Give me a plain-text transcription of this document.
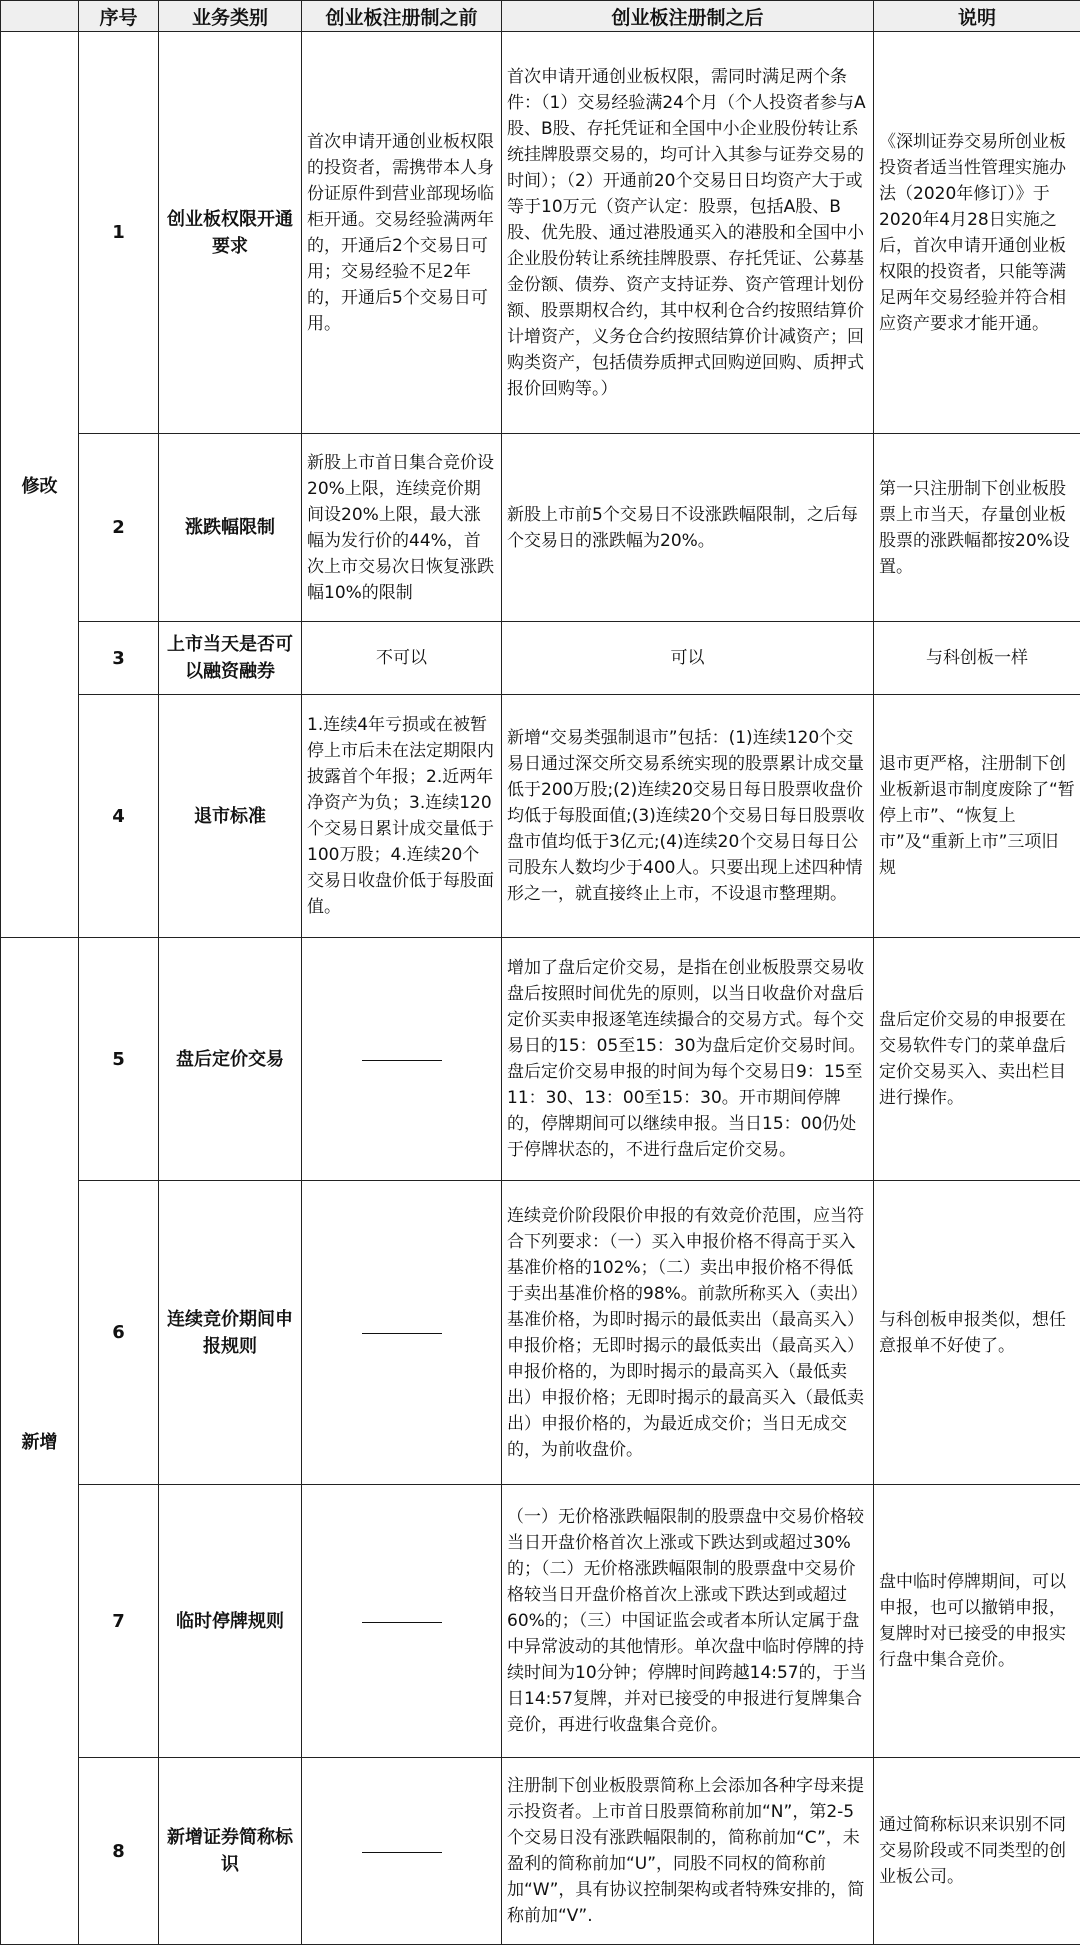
	序号	业务类别	创业板注册制之前	创业板注册制之后	说明
修改	1	创业板权限开通要求	首次申请开通创业板权限的投资者，需携带本人身份证原件到营业部现场临柜开通。交易经验满两年的，开通后2个交易日可用；交易经验不足2年的，开通后5个交易日可用。	首次申请开通创业板权限，需同时满足两个条件：（1）交易经验满24个月（个人投资者参与A股、B股、存托凭证和全国中小企业股份转让系统挂牌股票交易的，均可计入其参与证券交易的时间）；（2）开通前20个交易日日均资产大于或等于10万元（资产认定：股票，包括A股、B股、优先股、通过港股通买入的港股和全国中小企业股份转让系统挂牌股票、存托凭证、公募基金份额、债券、资产支持证券、资产管理计划份额、股票期权合约，其中权利仓合约按照结算价计增资产，义务仓合约按照结算价计减资产；回购类资产，包括债券质押式回购逆回购、质押式报价回购等。）	《深圳证券交易所创业板投资者适当性管理实施办法（2020年修订）》于2020年4月28日实施之后，首次申请开通创业板权限的投资者，只能等满足两年交易经验并符合相应资产要求才能开通。
	2	涨跌幅限制	新股上市首日集合竞价设20%上限，连续竞价期间设20%上限，最大涨幅为发行价的44%，首次上市交易次日恢复涨跌幅10%的限制	新股上市前5个交易日不设涨跌幅限制，之后每个交易日的涨跌幅为20%。	第一只注册制下创业板股票上市当天，存量创业板股票的涨跌幅都按20%设置。
	3	上市当天是否可以融资融券	不可以	可以	与科创板一样
	4	退市标准	1.连续4年亏损或在被暂停上市后未在法定期限内披露首个年报；2.近两年净资产为负；3.连续120个交易日累计成交量低于100万股；4.连续20个交易日收盘价低于每股面值。	新增“交易类强制退市”包括：(1)连续120个交易日通过深交所交易系统实现的股票累计成交量低于200万股;(2)连续20交易日每日股票收盘价均低于每股面值;(3)连续20个交易日每日股票收盘市值均低于3亿元;(4)连续20个交易日每日公司股东人数均少于400人。只要出现上述四种情形之一，就直接终止上市，不设退市整理期。	退市更严格，注册制下创业板新退市制度废除了“暂停上市”、“恢复上市”及“重新上市”三项旧规
新增	5	盘后定价交易		增加了盘后定价交易，是指在创业板股票交易收盘后按照时间优先的原则，以当日收盘价对盘后定价买卖申报逐笔连续撮合的交易方式。每个交易日的15：05至15：30为盘后定价交易时间。盘后定价交易申报的时间为每个交易日9：15至11：30、13：00至15：30。开市期间停牌的，停牌期间可以继续申报。当日15：00仍处于停牌状态的，不进行盘后定价交易。	盘后定价交易的申报要在交易软件专门的菜单盘后定价交易买入、卖出栏目进行操作。
	6	连续竞价期间申报规则		连续竞价阶段限价申报的有效竞价范围，应当符合下列要求：（一）买入申报价格不得高于买入基准价格的102%；（二）卖出申报价格不得低于卖出基准价格的98%。前款所称买入（卖出）基准价格，为即时揭示的最低卖出（最高买入）申报价格；无即时揭示的最低卖出（最高买入）申报价格的，为即时揭示的最高买入（最低卖出）申报价格；无即时揭示的最高买入（最低卖出）申报价格的，为最近成交价；当日无成交的，为前收盘价。	与科创板申报类似，想任意报单不好使了。
	7	临时停牌规则		（一）无价格涨跌幅限制的股票盘中交易价格较当日开盘价格首次上涨或下跌达到或超过30%的；（二）无价格涨跌幅限制的股票盘中交易价格较当日开盘价格首次上涨或下跌达到或超过60%的；（三）中国证监会或者本所认定属于盘中异常波动的其他情形。单次盘中临时停牌的持续时间为10分钟；停牌时间跨越14:57的，于当日14:57复牌，并对已接受的申报进行复牌集合竞价，再进行收盘集合竞价。	盘中临时停牌期间，可以申报，也可以撤销申报，复牌时对已接受的申报实行盘中集合竞价。
	8	新增证券简称标识		注册制下创业板股票简称上会添加各种字母来提示投资者。上市首日股票简称前加“N”，第2-5个交易日没有涨跌幅限制的，简称前加“C”，未盈利的简称前加“U”，同股不同权的简称前加“W”，具有协议控制架构或者特殊安排的，简称前加“V”.	通过简称标识来识别不同交易阶段或不同类型的创业板公司。
